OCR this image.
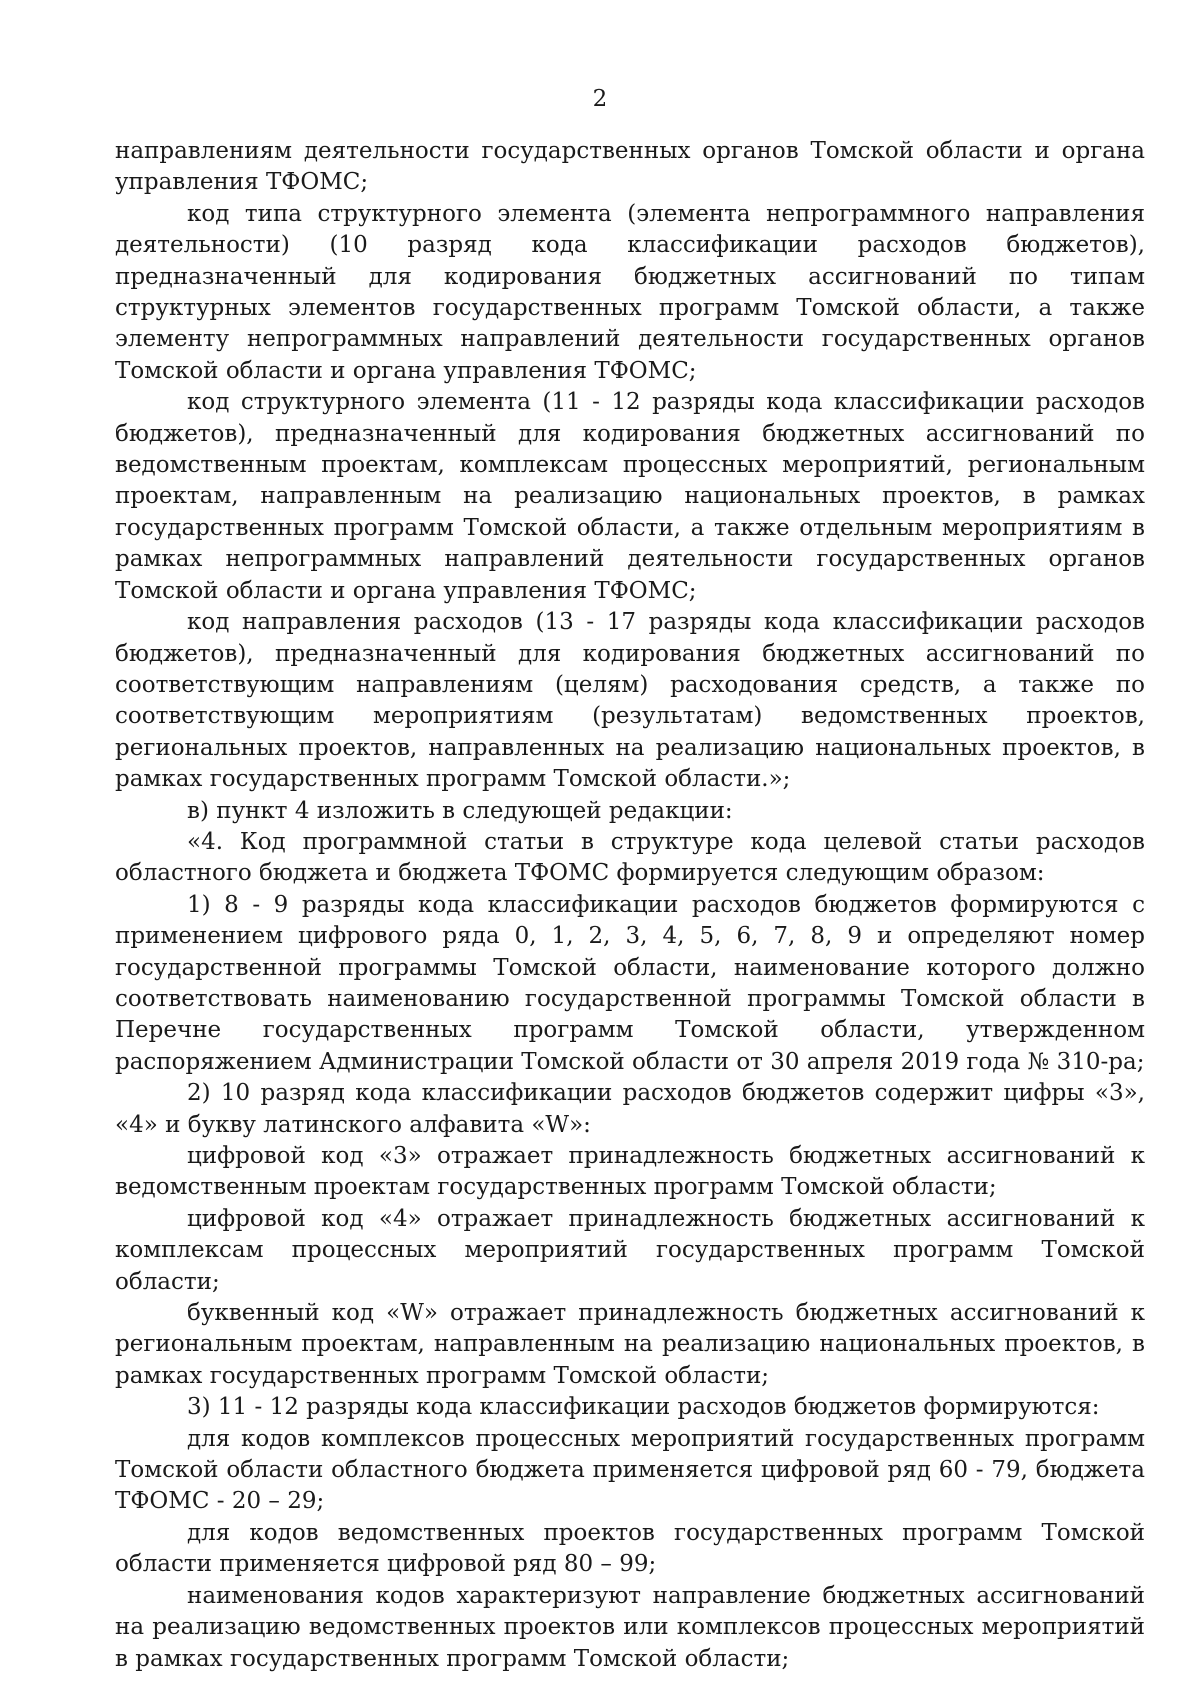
2

направлениям деятельности государственных органов Томской области и органа управления ТФОМС;

код типа структурного элемента (элемента непрограммного направления деятельности) (10 разряд кода классификации расходов бюджетов), предназначенный для кодирования бюджетных ассигнований по типам структурных элементов государственных программ Томской области, а также элементу непрограммных направлений деятельности государственных органов Томской области и органа управления ТФОМС;

код структурного элемента (11 - 12 разряды кода классификации расходов бюджетов), предназначенный для кодирования бюджетных ассигнований по ведомственным проектам, комплексам процессных мероприятий, региональным проектам, направленным на реализацию национальных проектов, в рамках государственных программ Томской области, а также отдельным мероприятиям в рамках непрограммных направлений деятельности государственных органов Томской области и органа управления ТФОМС;

код направления расходов (13 - 17 разряды кода классификации расходов бюджетов), предназначенный для кодирования бюджетных ассигнований по соответствующим направлениям (целям) расходования средств, а также по соответствующим мероприятиям (результатам) ведомственных проектов, региональных проектов, направленных на реализацию национальных проектов, в рамках государственных программ Томской области.»;

в) пункт 4 изложить в следующей редакции:

«4. Код программной статьи в структуре кода целевой статьи расходов областного бюджета и бюджета ТФОМС формируется следующим образом:

1) 8 - 9 разряды кода классификации расходов бюджетов формируются с применением цифрового ряда 0, 1, 2, 3, 4, 5, 6, 7, 8, 9 и определяют номер государственной программы Томской области, наименование которого должно соответствовать наименованию государственной программы Томской области в Перечне государственных программ Томской области, утвержденном распоряжением Администрации Томской области от 30 апреля 2019 года № 310-ра;

2) 10 разряд кода классификации расходов бюджетов содержит цифры «3», «4» и букву латинского алфавита «W»:

цифровой код «3» отражает принадлежность бюджетных ассигнований к ведомственным проектам государственных программ Томской области;

цифровой код «4» отражает принадлежность бюджетных ассигнований к комплексам процессных мероприятий государственных программ Томской области;

буквенный код «W» отражает принадлежность бюджетных ассигнований к региональным проектам, направленным на реализацию национальных проектов, в рамках государственных программ Томской области;

3) 11 - 12 разряды кода классификации расходов бюджетов формируются:

для кодов комплексов процессных мероприятий государственных программ Томской области областного бюджета применяется цифровой ряд 60 - 79, бюджета ТФОМС - 20 – 29;

для кодов ведомственных проектов государственных программ Томской области применяется цифровой ряд 80 – 99;

наименования кодов характеризуют направление бюджетных ассигнований на реализацию ведомственных проектов или комплексов процессных мероприятий в рамках государственных программ Томской области;
